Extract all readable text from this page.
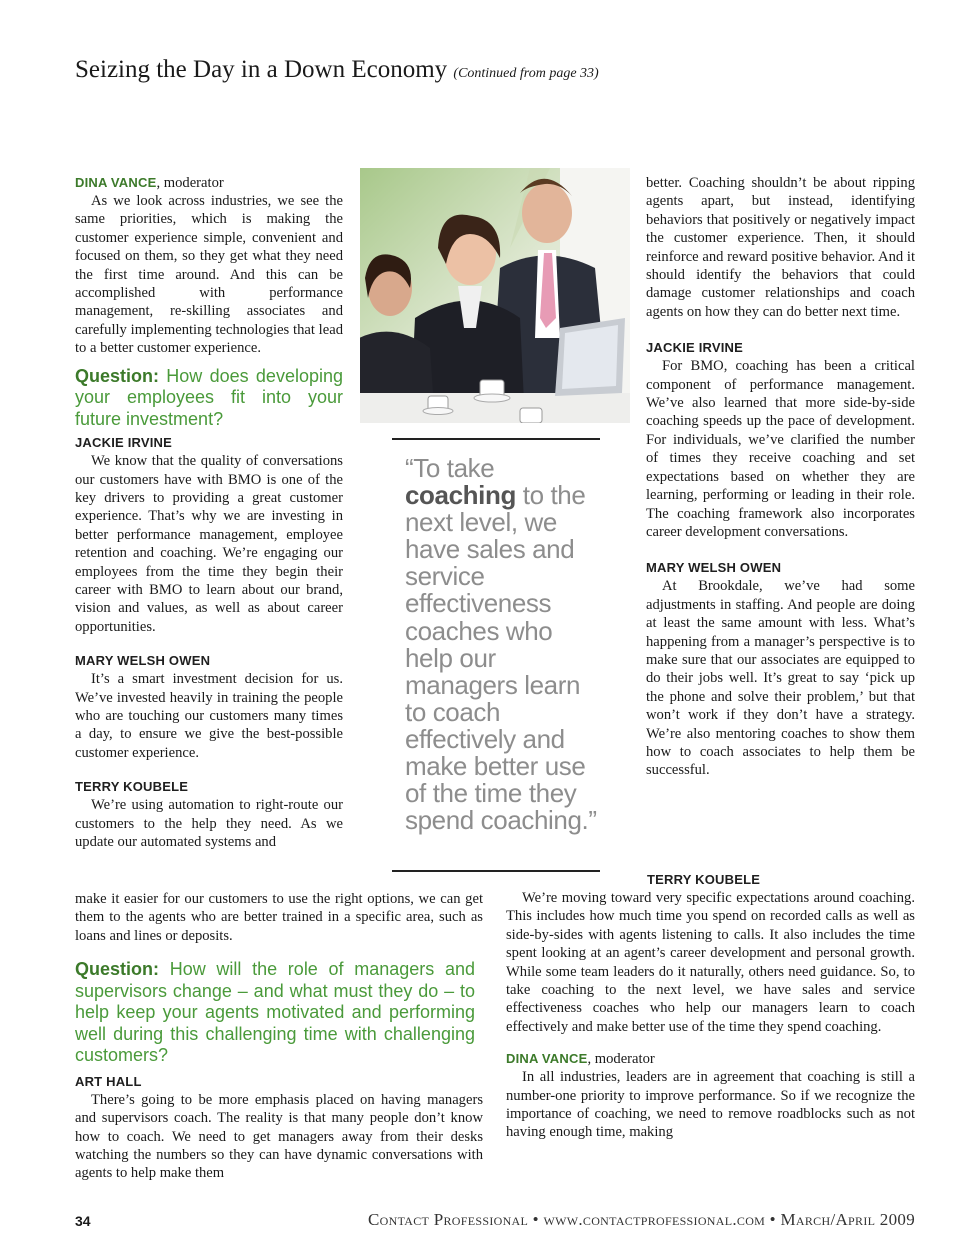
Seizing the Day in a Down Economy (Continued from page 33)
DINA VANCE, moderator

As we look across industries, we see the same priorities, which is making the customer experience simple, convenient and focused on them, so they get what they need the first time around. And this can be accomplished with performance management, re-skilling associates and carefully implementing technologies that lead to a better customer experience.

Question: How does developing your employees fit into your future investment?
JACKIE IRVINE

We know that the quality of conversations our customers have with BMO is one of the key drivers to providing a great customer experience. That’s why we are investing in better performance management, employee retention and coaching. We’re engaging our employees from the time they begin their career with BMO to learn about our brand, vision and values, as well as about career opportunities.

MARY WELSH OWEN

It’s a smart investment decision for us. We’ve invested heavily in training the people who are touching our customers many times a day, to ensure we give the best-possible customer experience.

TERRY KOUBELE

We’re using automation to right-route our customers to the help they need. As we update our automated systems and

make it easier for our customers to use the right options, we can get them to the agents who are better trained in a specific area, such as loans and lines or deposits.

Question: How will the role of managers and supervisors change – and what must they do – to help keep your agents motivated and performing well during this challenging time with challenging customers?
ART HALL

There’s going to be more emphasis placed on having managers and supervisors coach. The reality is that many people don’t know how to coach. We need to get managers away from their desks watching the numbers so they can have dynamic conversations with agents to help make them

“To take coaching to the next level, we have sales and service effectiveness coaches who help our managers learn to coach effectively and make better use of the time they spend coaching.”

better. Coaching shouldn’t be about ripping agents apart, but instead, identifying behaviors that positively or negatively impact the customer experience. Then, it should reinforce and reward positive behavior. And it should identify the behaviors that could damage customer relationships and coach agents on how they can do better next time.

JACKIE IRVINE

For BMO, coaching has been a critical component of performance management. We’ve also learned that more side-by-side coaching speeds up the pace of development. For individuals, we’ve clarified the number of times they receive coaching and set expectations based on whether they are learning, performing or leading in their role. The coaching framework also incorporates career development conversations.

MARY WELSH OWEN

At Brookdale, we’ve had some adjustments in staffing. And people are doing at least the same amount with less. What’s happening from a manager’s perspective is to make sure that our associates are equipped to do their jobs well. It’s great to say ‘pick up the phone and solve their problem,’ but that won’t work if they don’t have a strategy. We’re also mentoring coaches to show them how to coach associates to help them be successful.

TERRY KOUBELE

We’re moving toward very specific expectations around coaching. This includes how much time you spend on recorded calls as well as side-by-sides with agents listening to calls. It also includes the time spent looking at an agent’s career development and personal growth. While some team leaders do it naturally, others need guidance. So, to take coaching to the next level, we have sales and service effectiveness coaches who help our managers learn to coach effectively and make better use of the time they spend coaching.

DINA VANCE, moderator

In all industries, leaders are in agreement that coaching is still a number-one priority to improve performance. So if we recognize the importance of coaching, we need to remove roadblocks such as not having enough time, making

34	Contact Professional • www.contactprofessional.com • March/April 2009
